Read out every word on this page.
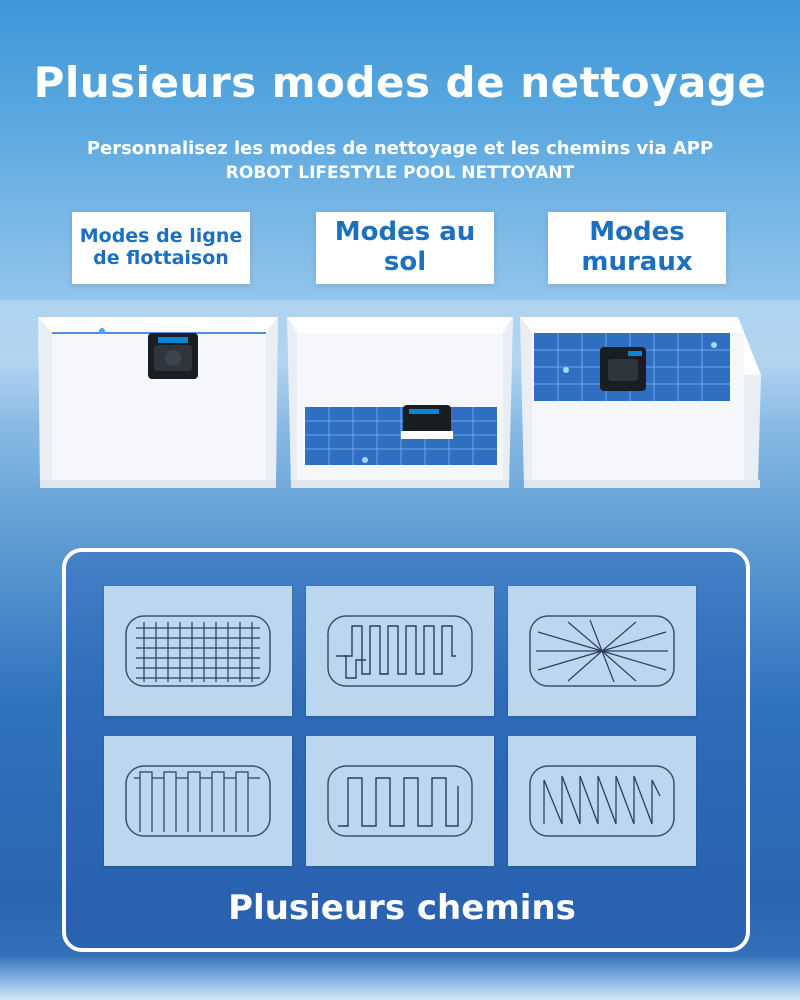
Plusieurs modes de nettoyage
Personnalisez les modes de nettoyage et les chemins via APP
ROBOT LIFESTYLE POOL NETTOYANT
Modes de ligne de flottaison
Modes au sol
Modes muraux
Plusieurs chemins
